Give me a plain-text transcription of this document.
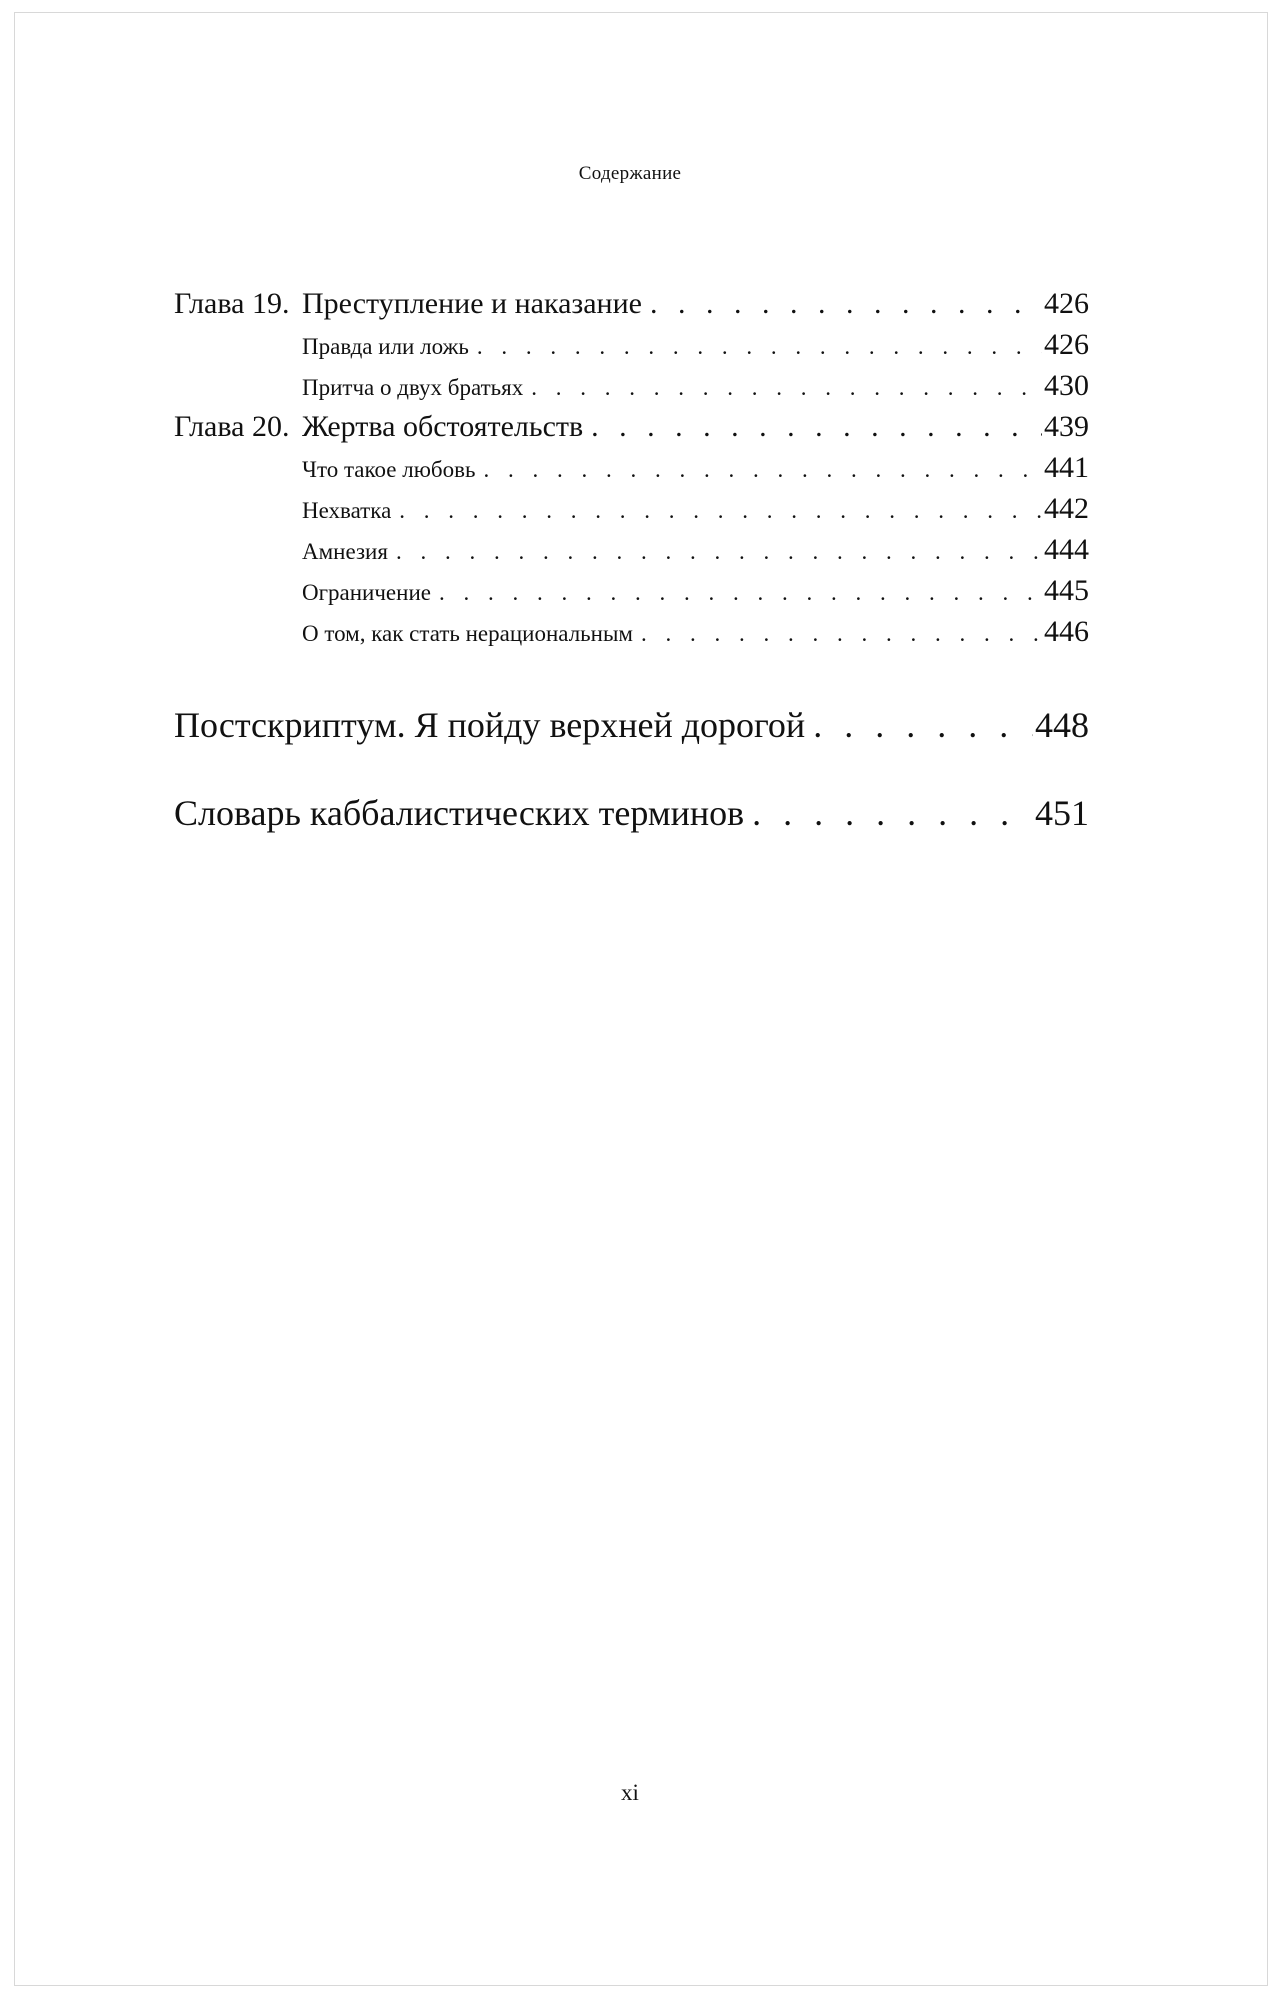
Содержание
Глава 19. Преступление и наказание . . .	426
Правда или ложь . . .	426
Притча о двух братьях . . .	430
Глава 20. Жертва обстоятельств . . .	439
Что такое любовь . . .	441
Нехватка . . .	442
Амнезия . . .	444
Ограничение . . .	445
О том, как стать нерациональным . . .	446
Постскриптум. Я пойду верхней дорогой . . .	448
Словарь каббалистических терминов . . .	451
xi
